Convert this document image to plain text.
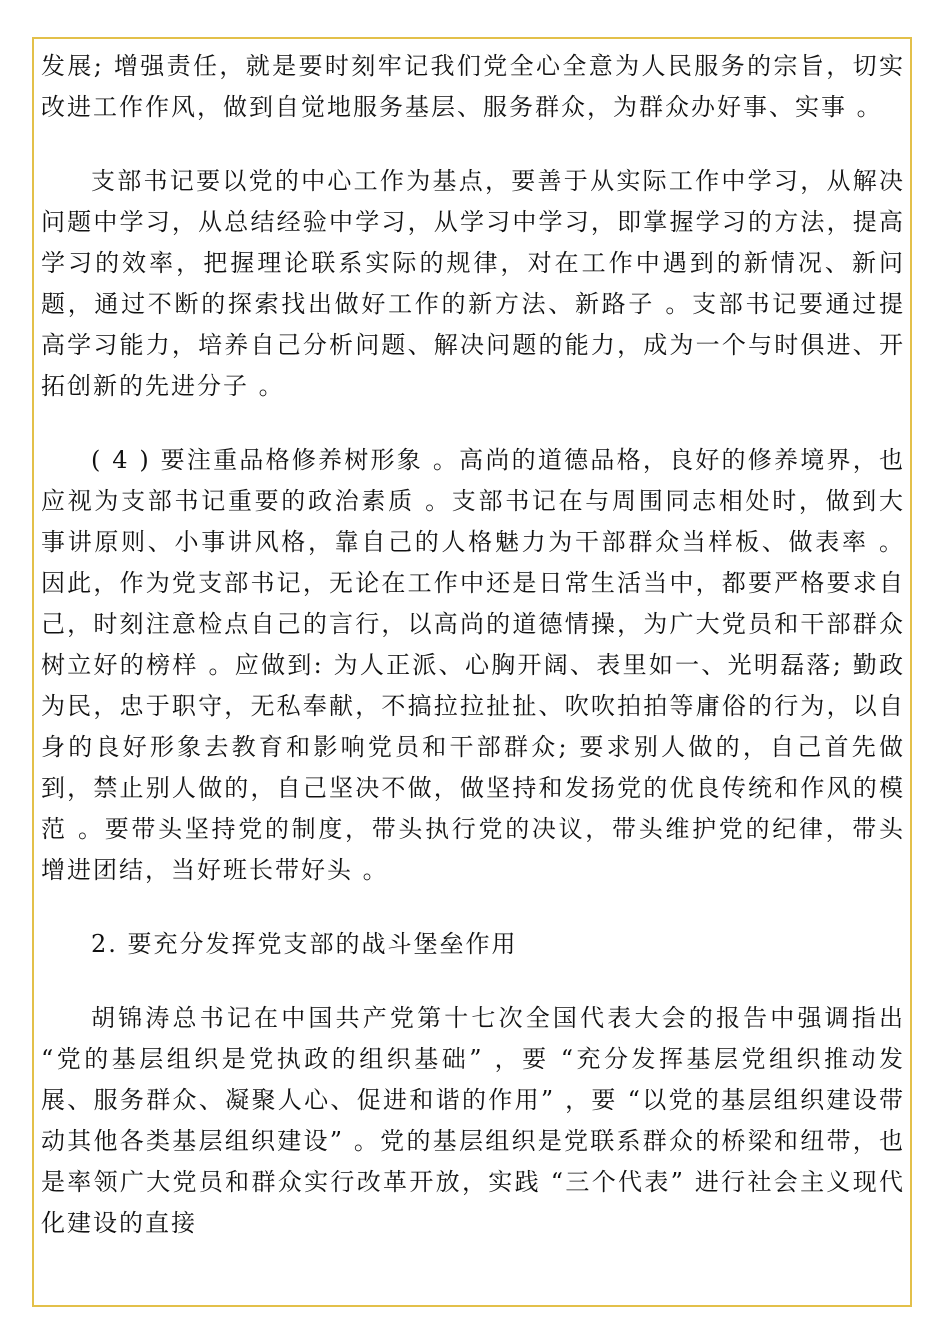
发展; 增强责任，就是要时刻牢记我们党全心全意为人民服务的宗旨，切实改进工作作风，做到自觉地服务基层、服务群众，为群众办好事、实事 。

支部书记要以党的中心工作为基点，要善于从实际工作中学习，从解决问题中学习，从总结经验中学习，从学习中学习，即掌握学习的方法，提高学习的效率，把握理论联系实际的规律，对在工作中遇到的新情况、新问题，通过不断的探索找出做好工作的新方法、新路子 。支部书记要通过提高学习能力，培养自己分析问题、解决问题的能力，成为一个与时俱进、开拓创新的先进分子 。

( 4 ) 要注重品格修养树形象 。高尚的道德品格，良好的修养境界，也应视为支部书记重要的政治素质 。支部书记在与周围同志相处时，做到大事讲原则、小事讲风格，靠自己的人格魅力为干部群众当样板、做表率 。因此，作为党支部书记，无论在工作中还是日常生活当中，都要严格要求自己，时刻注意检点自己的言行，以高尚的道德情操，为广大党员和干部群众树立好的榜样 。应做到: 为人正派、心胸开阔、表里如一、光明磊落; 勤政为民，忠于职守，无私奉献，不搞拉拉扯扯、吹吹拍拍等庸俗的行为，以自身的良好形象去教育和影响党员和干部群众; 要求别人做的，自己首先做到，禁止别人做的，自己坚决不做，做坚持和发扬党的优良传统和作风的模范 。要带头坚持党的制度，带头执行党的决议，带头维护党的纪律，带头增进团结，当好班长带好头 。

2. 要充分发挥党支部的战斗堡垒作用

胡锦涛总书记在中国共产党第十七次全国代表大会的报告中强调指出 “党的基层组织是党执政的组织基础” ，要 “充分发挥基层党组织推动发展、服务群众、凝聚人心、促进和谐的作用” ，要 “以党的基层组织建设带动其他各类基层组织建设” 。党的基层组织是党联系群众的桥梁和纽带，也是率领广大党员和群众实行改革开放，实践 “三个代表” 进行社会主义现代化建设的直接
